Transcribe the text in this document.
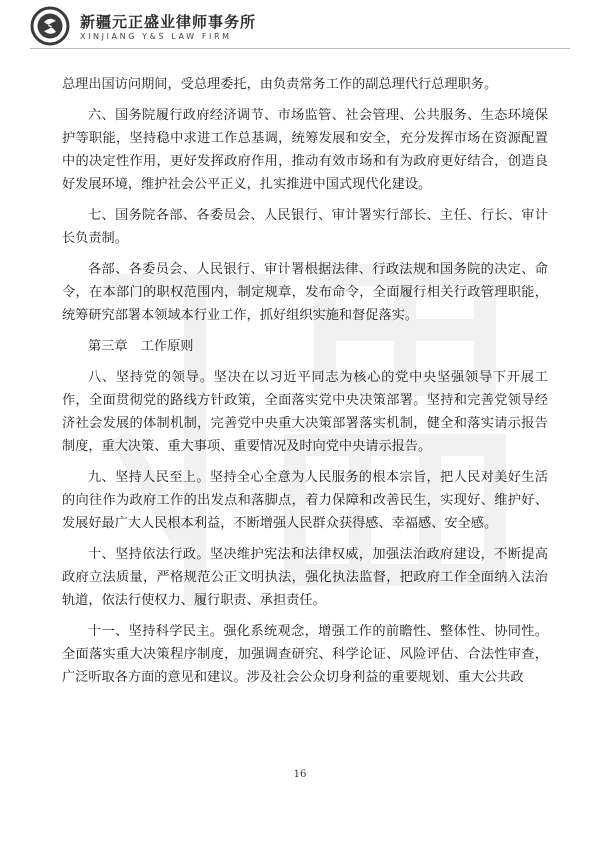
新疆元正盛业律师事务所
XINJIANG Y&S LAW FIRM

总理出国访问期间，受总理委托，由负责常务工作的副总理代行总理职务。

六、国务院履行政府经济调节、市场监管、社会管理、公共服务、生态环境保护等职能，坚持稳中求进工作总基调，统筹发展和安全，充分发挥市场在资源配置中的决定性作用，更好发挥政府作用，推动有效市场和有为政府更好结合，创造良好发展环境，维护社会公平正义，扎实推进中国式现代化建设。

七、国务院各部、各委员会、人民银行、审计署实行部长、主任、行长、审计长负责制。

各部、各委员会、人民银行、审计署根据法律、行政法规和国务院的决定、命令，在本部门的职权范围内，制定规章，发布命令，全面履行相关行政管理职能，统筹研究部署本领域本行业工作，抓好组织实施和督促落实。

第三章　工作原则

八、坚持党的领导。坚决在以习近平同志为核心的党中央坚强领导下开展工作，全面贯彻党的路线方针政策，全面落实党中央决策部署。坚持和完善党领导经济社会发展的体制机制，完善党中央重大决策部署落实机制，健全和落实请示报告制度，重大决策、重大事项、重要情况及时向党中央请示报告。

九、坚持人民至上。坚持全心全意为人民服务的根本宗旨，把人民对美好生活的向往作为政府工作的出发点和落脚点，着力保障和改善民生，实现好、维护好、发展好最广大人民根本利益，不断增强人民群众获得感、幸福感、安全感。

十、坚持依法行政。坚决维护宪法和法律权威，加强法治政府建设，不断提高政府立法质量，严格规范公正文明执法，强化执法监督，把政府工作全面纳入法治轨道，依法行使权力、履行职责、承担责任。

十一、坚持科学民主。强化系统观念，增强工作的前瞻性、整体性、协同性。全面落实重大决策程序制度，加强调查研究、科学论证、风险评估、合法性审查，广泛听取各方面的意见和建议。涉及社会公众切身利益的重要规划、重大公共政

16
